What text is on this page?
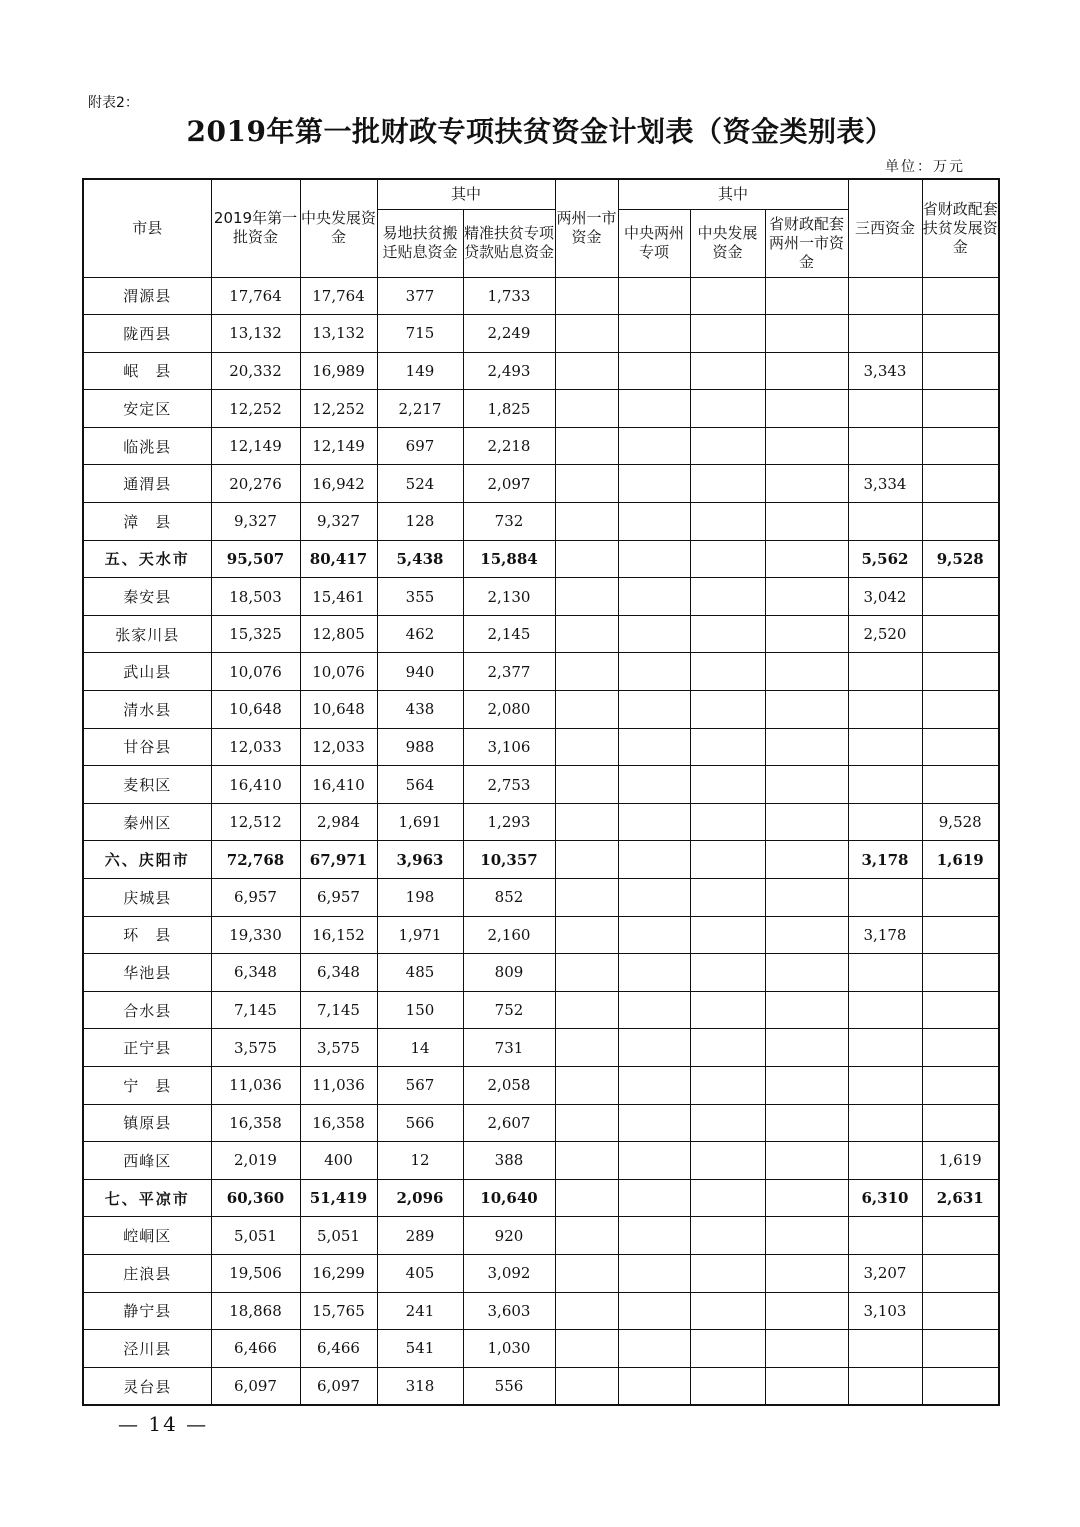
附表2：
2019年第一批财政专项扶贫资金计划表（资金类别表）
单位：万元
市县	2019年第一批资金	中央发展资金	其中		两州一市资金	其中			三西资金	省财政配套扶贫发展资金
			易地扶贫搬迁贴息资金	精准扶贫专项贷款贴息资金		中央两州专项	中央发展资金	省财政配套两州一市资金		
渭源县	17,764	17,764	377	1,733						
陇西县	13,132	13,132	715	2,249						
岷　县	20,332	16,989	149	2,493					3,343	
安定区	12,252	12,252	2,217	1,825						
临洮县	12,149	12,149	697	2,218						
通渭县	20,276	16,942	524	2,097					3,334	
漳　县	9,327	9,327	128	732						
五、天水市	95,507	80,417	5,438	15,884					5,562	9,528
秦安县	18,503	15,461	355	2,130					3,042	
张家川县	15,325	12,805	462	2,145					2,520	
武山县	10,076	10,076	940	2,377						
清水县	10,648	10,648	438	2,080						
甘谷县	12,033	12,033	988	3,106						
麦积区	16,410	16,410	564	2,753						
秦州区	12,512	2,984	1,691	1,293						9,528
六、庆阳市	72,768	67,971	3,963	10,357					3,178	1,619
庆城县	6,957	6,957	198	852						
环　县	19,330	16,152	1,971	2,160					3,178	
华池县	6,348	6,348	485	809						
合水县	7,145	7,145	150	752						
正宁县	3,575	3,575	14	731						
宁　县	11,036	11,036	567	2,058						
镇原县	16,358	16,358	566	2,607						
西峰区	2,019	400	12	388						1,619
七、平凉市	60,360	51,419	2,096	10,640					6,310	2,631
崆峒区	5,051	5,051	289	920						
庄浪县	19,506	16,299	405	3,092					3,207	
静宁县	18,868	15,765	241	3,603					3,103	
泾川县	6,466	6,466	541	1,030						
灵台县	6,097	6,097	318	556						
— 14 —
